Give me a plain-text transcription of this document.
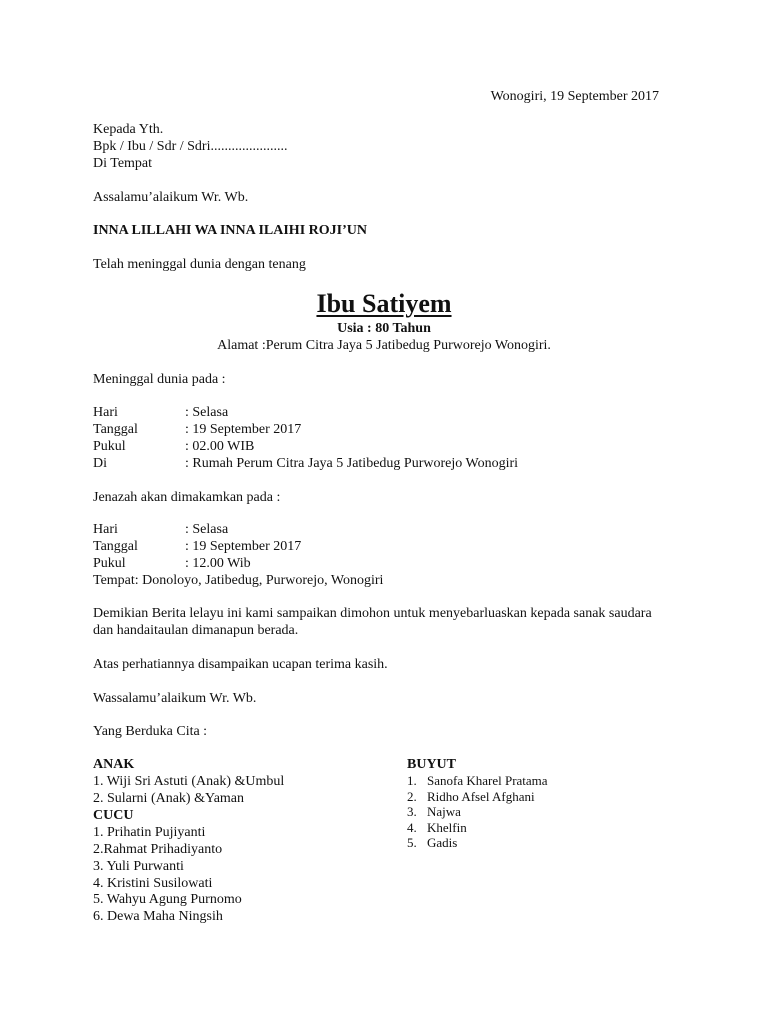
Wonogiri, 19 September 2017
Kepada Yth.
Bpk / Ibu / Sdr / Sdri......................
Di Tempat
Assalamu’alaikum Wr. Wb.
INNA LILLAHI WA INNA ILAIHI ROJI’UN
Telah meninggal dunia dengan tenang
Ibu Satiyem
Usia : 80 Tahun
Alamat :Perum Citra Jaya 5 Jatibedug Purworejo Wonogiri.
Meninggal dunia pada :
Hari	: Selasa
Tanggal	: 19 September 2017
Pukul	: 02.00 WIB
Di	: Rumah Perum Citra Jaya 5 Jatibedug Purworejo Wonogiri
Jenazah akan dimakamkan pada :
Hari	: Selasa
Tanggal	: 19 September 2017
Pukul	: 12.00 Wib
Tempat: Donoloyo, Jatibedug, Purworejo, Wonogiri
Demikian Berita lelayu ini kami sampaikan dimohon untuk menyebarluaskan kepada sanak saudara dan handaitaulan dimanapun berada.
Atas perhatiannya disampaikan ucapan terima kasih.
Wassalamu’alaikum Wr. Wb.
Yang Berduka Cita :
ANAK
1. Wiji Sri Astuti (Anak) &Umbul
2. Sularni (Anak) &Yaman
CUCU
1. Prihatin Pujiyanti
2.Rahmat Prihadiyanto
3. Yuli Purwanti
4. Kristini Susilowati
5. Wahyu Agung Purnomo
6. Dewa Maha Ningsih
BUYUT
1. Sanofa Kharel Pratama
2. Ridho Afsel Afghani
3. Najwa
4. Khelfin
5. Gadis
